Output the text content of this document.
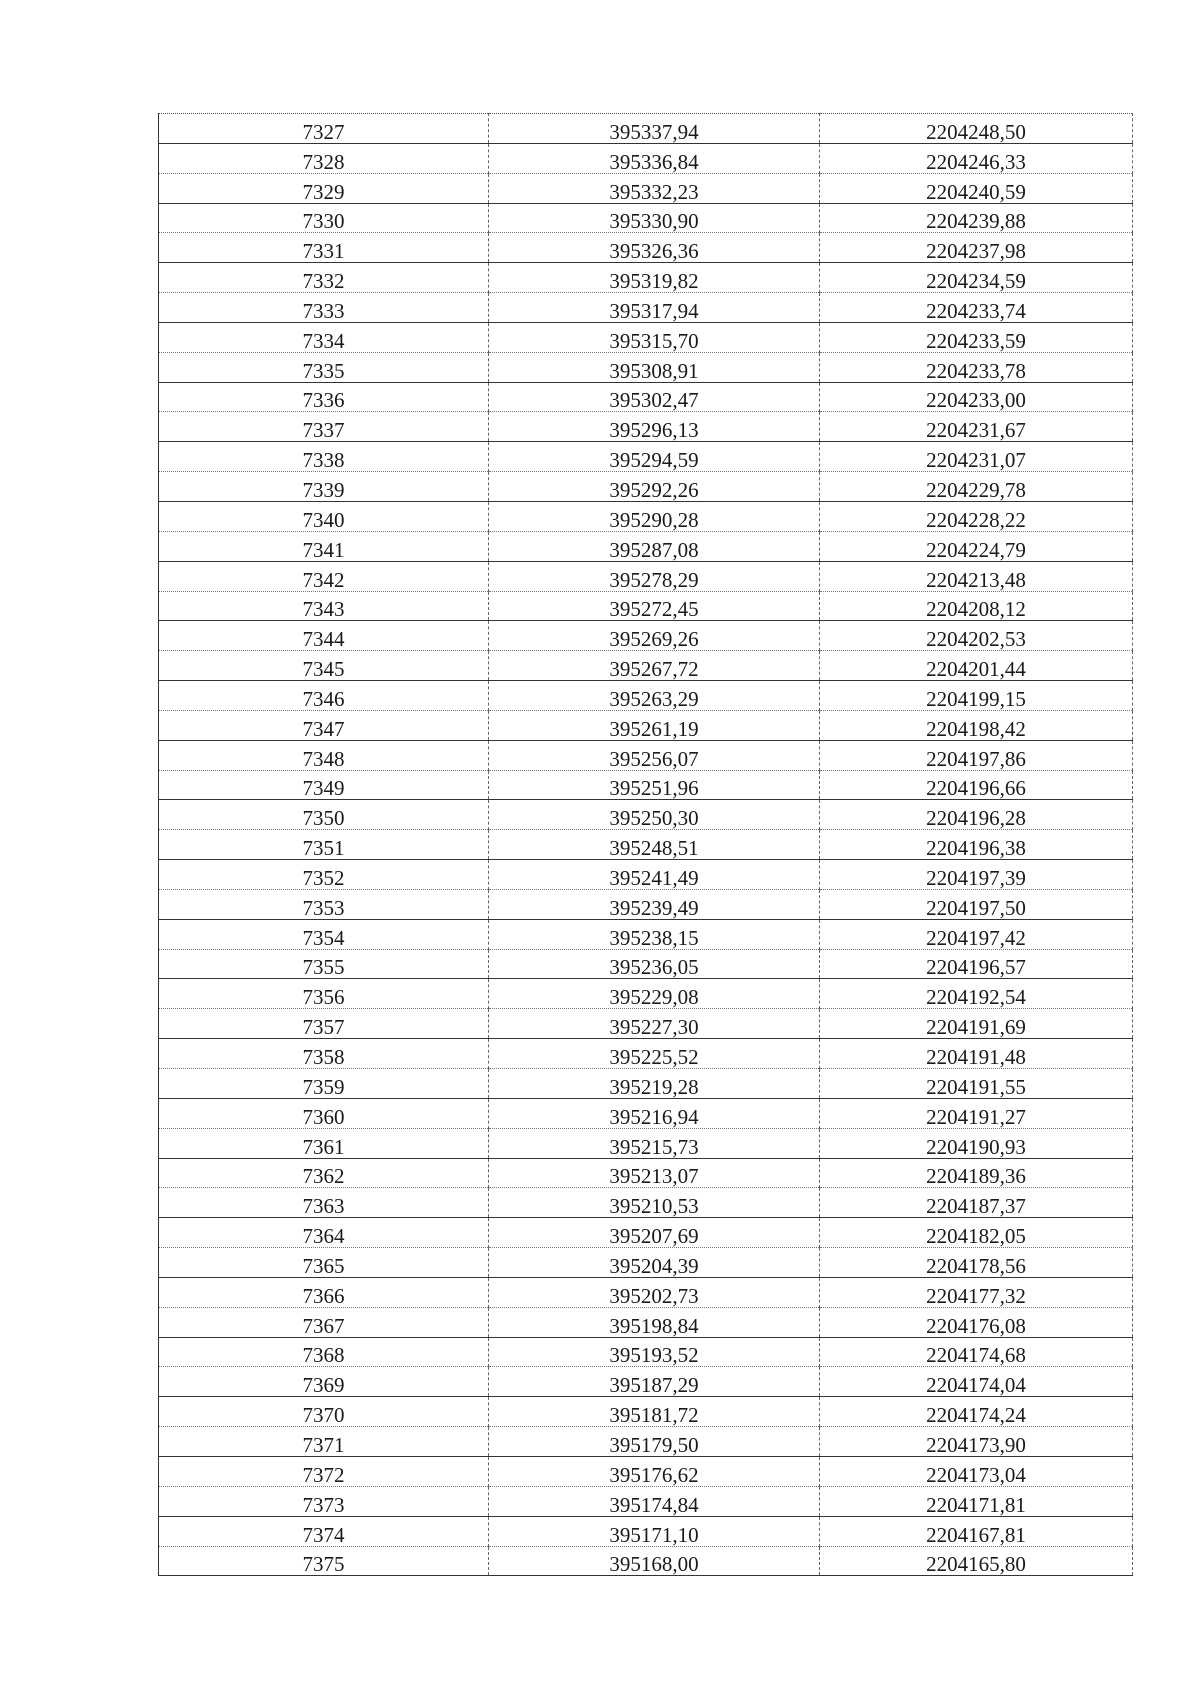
7327	395337,94	2204248,50
7328	395336,84	2204246,33
7329	395332,23	2204240,59
7330	395330,90	2204239,88
7331	395326,36	2204237,98
7332	395319,82	2204234,59
7333	395317,94	2204233,74
7334	395315,70	2204233,59
7335	395308,91	2204233,78
7336	395302,47	2204233,00
7337	395296,13	2204231,67
7338	395294,59	2204231,07
7339	395292,26	2204229,78
7340	395290,28	2204228,22
7341	395287,08	2204224,79
7342	395278,29	2204213,48
7343	395272,45	2204208,12
7344	395269,26	2204202,53
7345	395267,72	2204201,44
7346	395263,29	2204199,15
7347	395261,19	2204198,42
7348	395256,07	2204197,86
7349	395251,96	2204196,66
7350	395250,30	2204196,28
7351	395248,51	2204196,38
7352	395241,49	2204197,39
7353	395239,49	2204197,50
7354	395238,15	2204197,42
7355	395236,05	2204196,57
7356	395229,08	2204192,54
7357	395227,30	2204191,69
7358	395225,52	2204191,48
7359	395219,28	2204191,55
7360	395216,94	2204191,27
7361	395215,73	2204190,93
7362	395213,07	2204189,36
7363	395210,53	2204187,37
7364	395207,69	2204182,05
7365	395204,39	2204178,56
7366	395202,73	2204177,32
7367	395198,84	2204176,08
7368	395193,52	2204174,68
7369	395187,29	2204174,04
7370	395181,72	2204174,24
7371	395179,50	2204173,90
7372	395176,62	2204173,04
7373	395174,84	2204171,81
7374	395171,10	2204167,81
7375	395168,00	2204165,80
